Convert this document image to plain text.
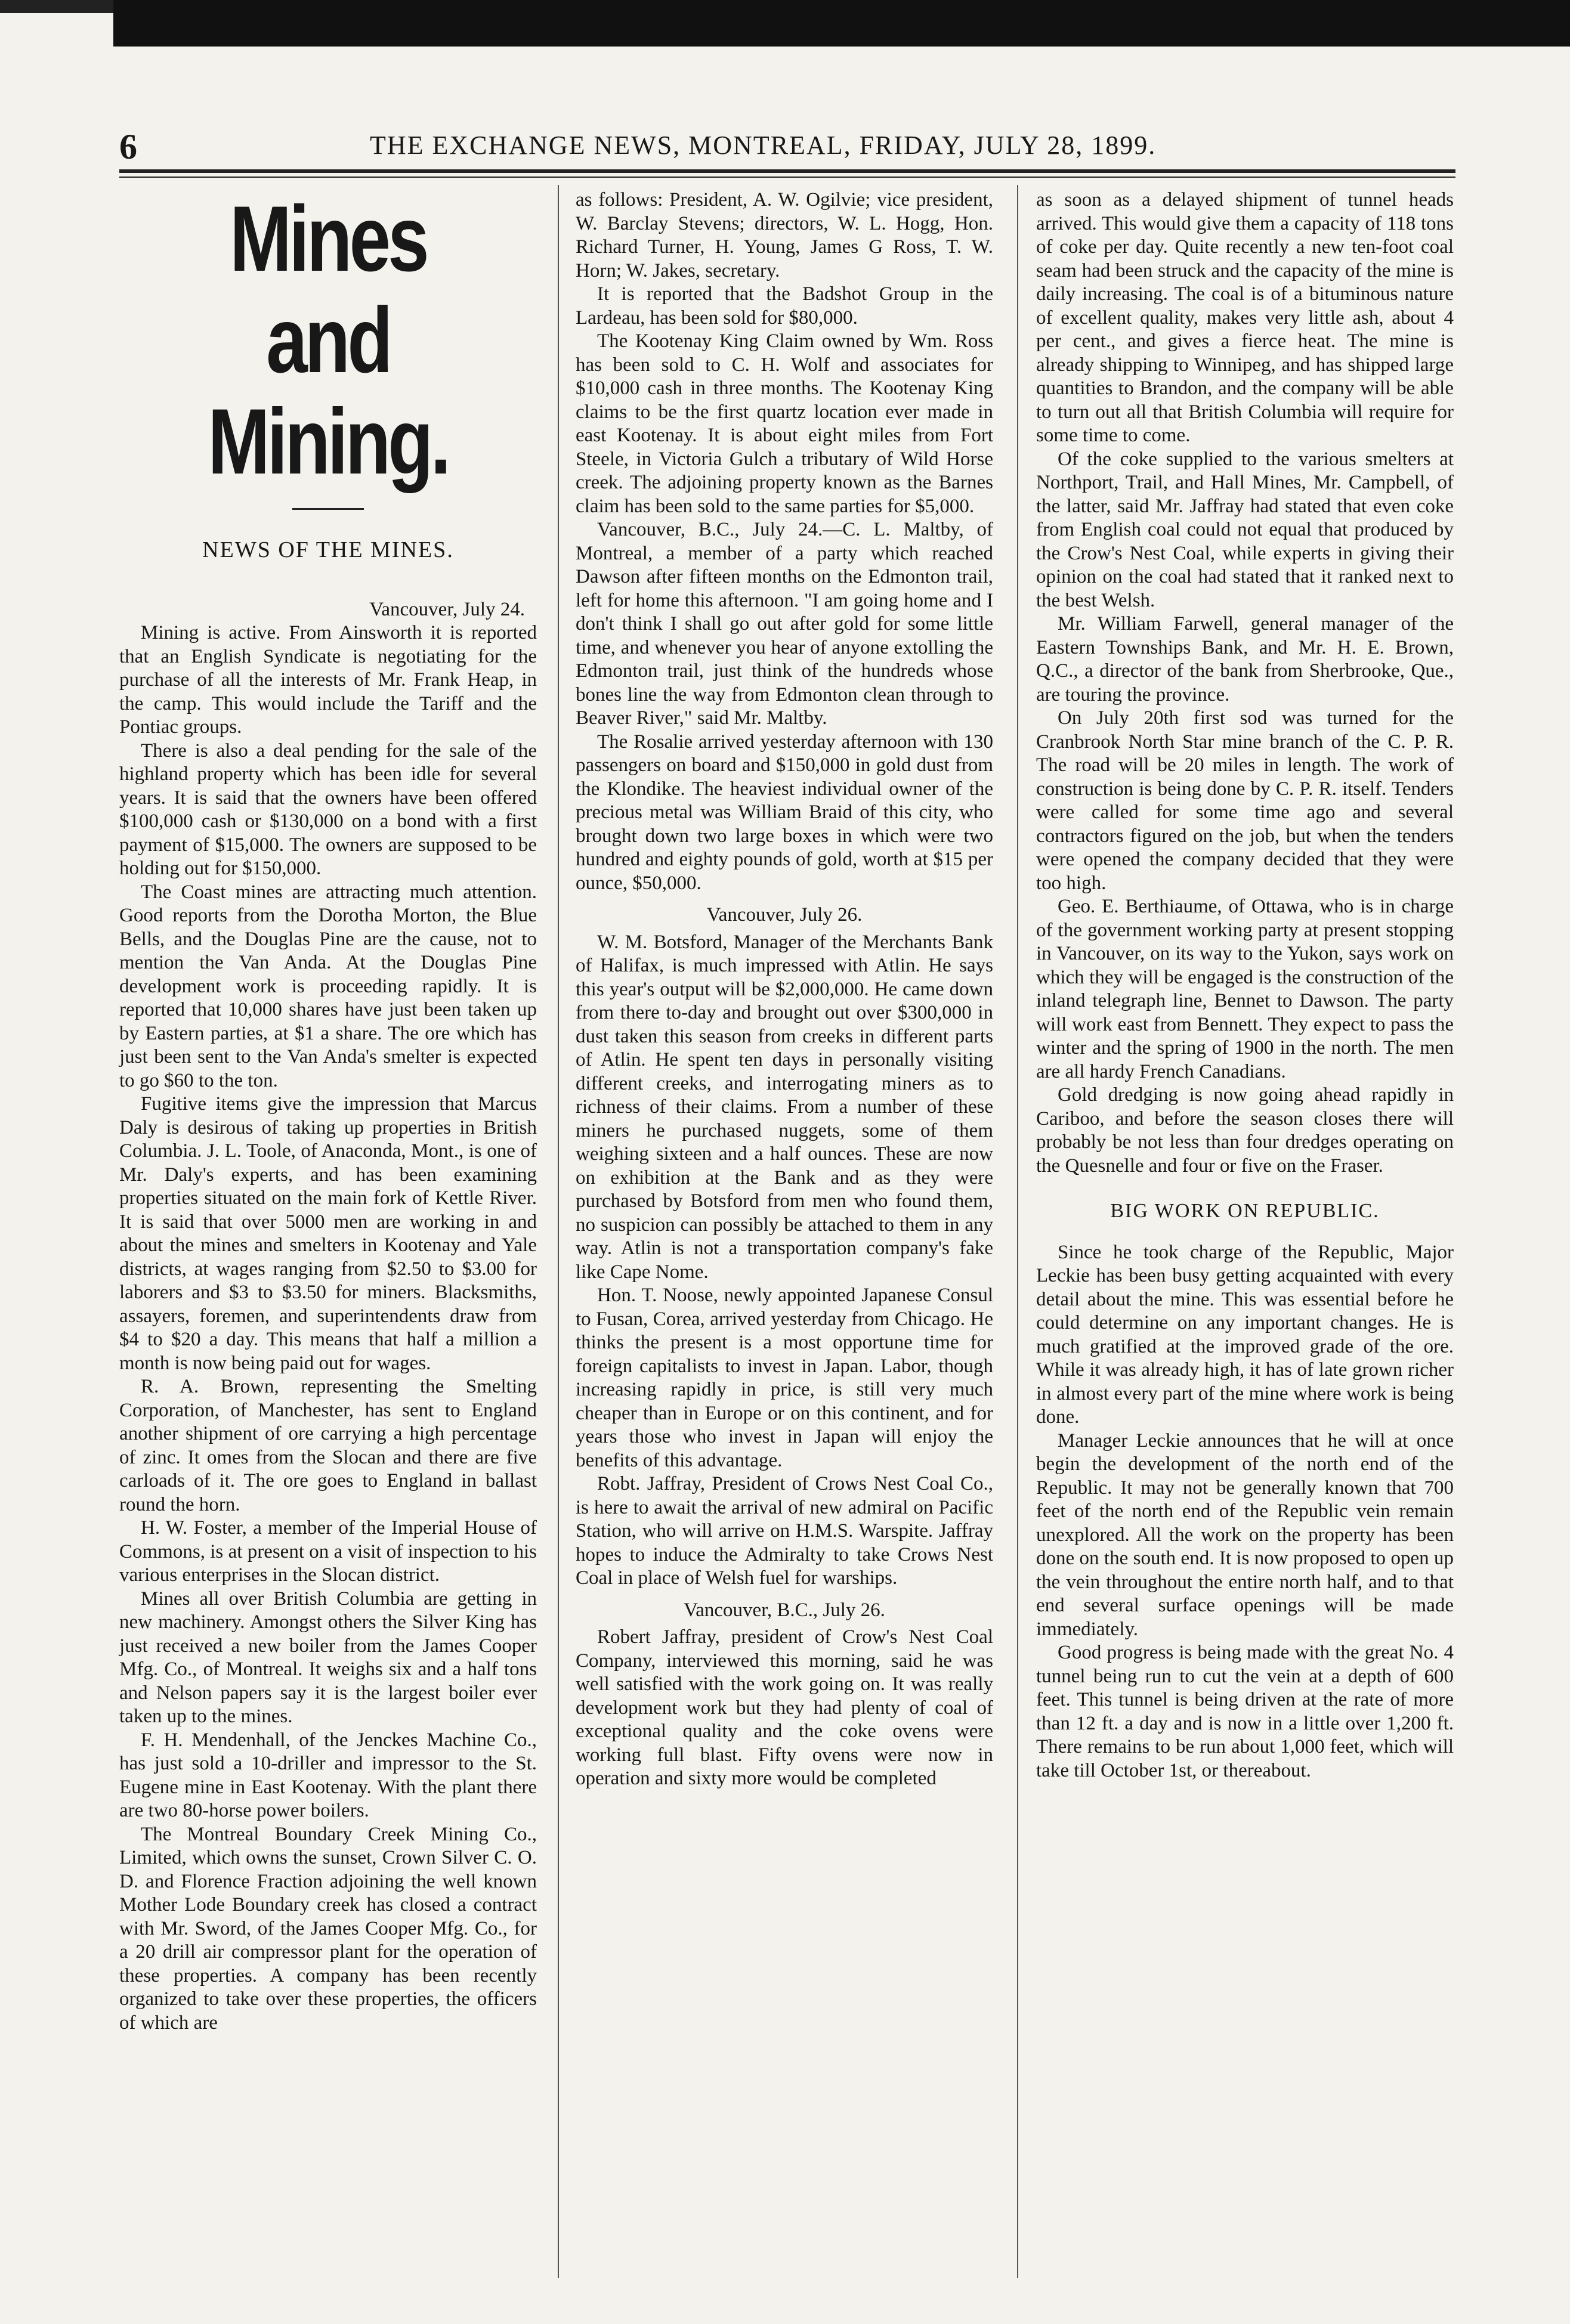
6	THE EXCHANGE NEWS, MONTREAL, FRIDAY, JULY 28, 1899.
Mines and Mining.
NEWS OF THE MINES.

Vancouver, July 24.

Mining is active. From Ainsworth it is reported that an English Syndicate is negotiating for the purchase of all the interests of Mr. Frank Heap, in the camp. This would include the Tariff and the Pontiac groups.

There is also a deal pending for the sale of the highland property which has been idle for several years. It is said that the owners have been offered $100,000 cash or $130,000 on a bond with a first payment of $15,000. The owners are supposed to be holding out for $150,000.

The Coast mines are attracting much attention. Good reports from the Dorotha Morton, the Blue Bells, and the Douglas Pine are the cause, not to mention the Van Anda. At the Douglas Pine development work is proceeding rapidly. It is reported that 10,000 shares have just been taken up by Eastern parties, at $1 a share. The ore which has just been sent to the Van Anda's smelter is expected to go $60 to the ton.

Fugitive items give the impression that Marcus Daly is desirous of taking up properties in British Columbia. J. L. Toole, of Anaconda, Mont., is one of Mr. Daly's experts, and has been examining properties situated on the main fork of Kettle River. It is said that over 5000 men are working in and about the mines and smelters in Kootenay and Yale districts, at wages ranging from $2.50 to $3.00 for laborers and $3 to $3.50 for miners. Blacksmiths, assayers, foremen, and superintendents draw from $4 to $20 a day. This means that half a million a month is now being paid out for wages.

R. A. Brown, representing the Smelting Corporation, of Manchester, has sent to England another shipment of ore carrying a high percentage of zinc. It omes from the Slocan and there are five carloads of it. The ore goes to England in ballast round the horn.

H. W. Foster, a member of the Imperial House of Commons, is at present on a visit of inspection to his various enterprises in the Slocan district.

Mines all over British Columbia are getting in new machinery. Amongst others the Silver King has just received a new boiler from the James Cooper Mfg. Co., of Montreal. It weighs six and a half tons and Nelson papers say it is the largest boiler ever taken up to the mines.

F. H. Mendenhall, of the Jenckes Machine Co., has just sold a 10-driller and impressor to the St. Eugene mine in East Kootenay. With the plant there are two 80-horse power boilers.

The Montreal Boundary Creek Mining Co., Limited, which owns the sunset, Crown Silver C. O. D. and Florence Fraction adjoining the well known Mother Lode Boundary creek has closed a contract with Mr. Sword, of the James Cooper Mfg. Co., for a 20 drill air compressor plant for the operation of these properties. A company has been recently organized to take over these properties, the officers of which are

as follows: President, A. W. Ogilvie; vice president, W. Barclay Stevens; directors, W. L. Hogg, Hon. Richard Turner, H. Young, James G Ross, T. W. Horn; W. Jakes, secretary.

It is reported that the Badshot Group in the Lardeau, has been sold for $80,000.

The Kootenay King Claim owned by Wm. Ross has been sold to C. H. Wolf and associates for $10,000 cash in three months. The Kootenay King claims to be the first quartz location ever made in east Kootenay. It is about eight miles from Fort Steele, in Victoria Gulch a tributary of Wild Horse creek. The adjoining property known as the Barnes claim has been sold to the same parties for $5,000.

Vancouver, B.C., July 24.—C. L. Maltby, of Montreal, a member of a party which reached Dawson after fifteen months on the Edmonton trail, left for home this afternoon. "I am going home and I don't think I shall go out after gold for some little time, and whenever you hear of anyone extolling the Edmonton trail, just think of the hundreds whose bones line the way from Edmonton clean through to Beaver River," said Mr. Maltby.

The Rosalie arrived yesterday afternoon with 130 passengers on board and $150,000 in gold dust from the Klondike. The heaviest individual owner of the precious metal was William Braid of this city, who brought down two large boxes in which were two hundred and eighty pounds of gold, worth at $15 per ounce, $50,000.

Vancouver, July 26.

W. M. Botsford, Manager of the Merchants Bank of Halifax, is much impressed with Atlin. He says this year's output will be $2,000,000. He came down from there to-day and brought out over $300,000 in dust taken this season from creeks in different parts of Atlin. He spent ten days in personally visiting different creeks, and interrogating miners as to richness of their claims. From a number of these miners he purchased nuggets, some of them weighing sixteen and a half ounces. These are now on exhibition at the Bank and as they were purchased by Botsford from men who found them, no suspicion can possibly be attached to them in any way. Atlin is not a transportation company's fake like Cape Nome.

Hon. T. Noose, newly appointed Japanese Consul to Fusan, Corea, arrived yesterday from Chicago. He thinks the present is a most opportune time for foreign capitalists to invest in Japan. Labor, though increasing rapidly in price, is still very much cheaper than in Europe or on this continent, and for years those who invest in Japan will enjoy the benefits of this advantage.

Robt. Jaffray, President of Crows Nest Coal Co., is here to await the arrival of new admiral on Pacific Station, who will arrive on H.M.S. Warspite. Jaffray hopes to induce the Admiralty to take Crows Nest Coal in place of Welsh fuel for warships.

Vancouver, B.C., July 26.

Robert Jaffray, president of Crow's Nest Coal Company, interviewed this morning, said he was well satisfied with the work going on. It was really development work but they had plenty of coal of exceptional quality and the coke ovens were working full blast. Fifty ovens were now in operation and sixty more would be completed

as soon as a delayed shipment of tunnel heads arrived. This would give them a capacity of 118 tons of coke per day. Quite recently a new ten-foot coal seam had been struck and the capacity of the mine is daily increasing. The coal is of a bituminous nature of excellent quality, makes very little ash, about 4 per cent., and gives a fierce heat. The mine is already shipping to Winnipeg, and has shipped large quantities to Brandon, and the company will be able to turn out all that British Columbia will require for some time to come.

Of the coke supplied to the various smelters at Northport, Trail, and Hall Mines, Mr. Campbell, of the latter, said Mr. Jaffray had stated that even coke from English coal could not equal that produced by the Crow's Nest Coal, while experts in giving their opinion on the coal had stated that it ranked next to the best Welsh.

Mr. William Farwell, general manager of the Eastern Townships Bank, and Mr. H. E. Brown, Q.C., a director of the bank from Sherbrooke, Que., are touring the province.

On July 20th first sod was turned for the Cranbrook North Star mine branch of the C. P. R. The road will be 20 miles in length. The work of construction is being done by C. P. R. itself. Tenders were called for some time ago and several contractors figured on the job, but when the tenders were opened the company decided that they were too high.

Geo. E. Berthiaume, of Ottawa, who is in charge of the government working party at present stopping in Vancouver, on its way to the Yukon, says work on which they will be engaged is the construction of the inland telegraph line, Bennet to Dawson. The party will work east from Bennett. They expect to pass the winter and the spring of 1900 in the north. The men are all hardy French Canadians.

Gold dredging is now going ahead rapidly in Cariboo, and before the season closes there will probably be not less than four dredges operating on the Quesnelle and four or five on the Fraser.

BIG WORK ON REPUBLIC.

Since he took charge of the Republic, Major Leckie has been busy getting acquainted with every detail about the mine. This was essential before he could determine on any important changes. He is much gratified at the improved grade of the ore. While it was already high, it has of late grown richer in almost every part of the mine where work is being done.

Manager Leckie announces that he will at once begin the development of the north end of the Republic. It may not be generally known that 700 feet of the north end of the Republic vein remain unexplored. All the work on the property has been done on the south end. It is now proposed to open up the vein throughout the entire north half, and to that end several surface openings will be made immediately.

Good progress is being made with the great No. 4 tunnel being run to cut the vein at a depth of 600 feet. This tunnel is being driven at the rate of more than 12 ft. a day and is now in a little over 1,200 ft. There remains to be run about 1,000 feet, which will take till October 1st, or thereabout.
